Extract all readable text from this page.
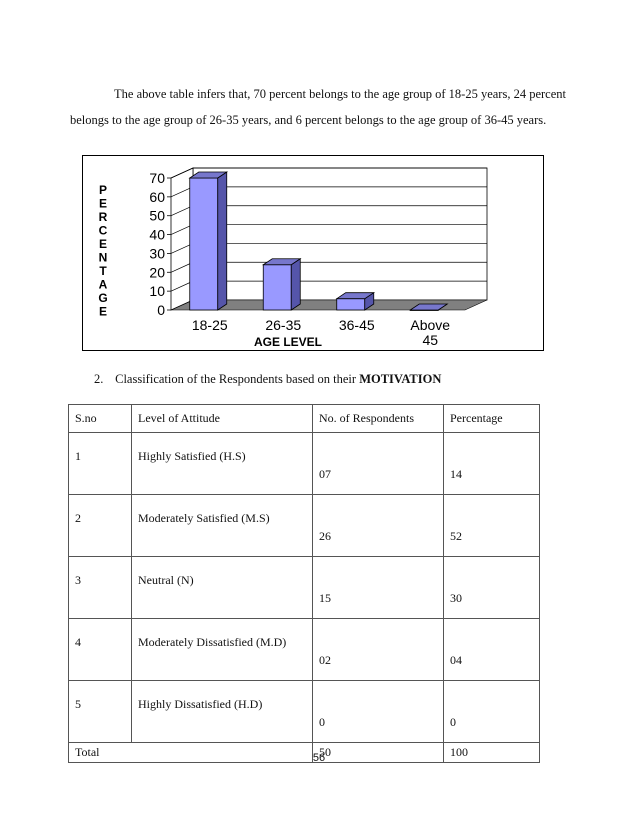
The above table infers that, 70 percent belongs to the age group of 18-25 years, 24 percent belongs to the age group of 26-35 years, and 6 percent belongs to the age group of 36-45 years.

0
10
20
30
40
50
60
70
18-25	26-35	36-45	Above
45
AGE LEVEL
P
E
R
C
E
N
T
A
G
E
2. Classification of the Respondents based on their MOTIVATION
S.no	Level of Attitude	No. of Respondents	Percentage

1	Highly Satisfied (H.S)	07	14

2	Moderately Satisfied (M.S)	26	52

3	Neutral (N)	15	30

4	Moderately Dissatisfied (M.D)	02	04

5	Highly Dissatisfied (H.D)	0	0

Total		50	100
56
